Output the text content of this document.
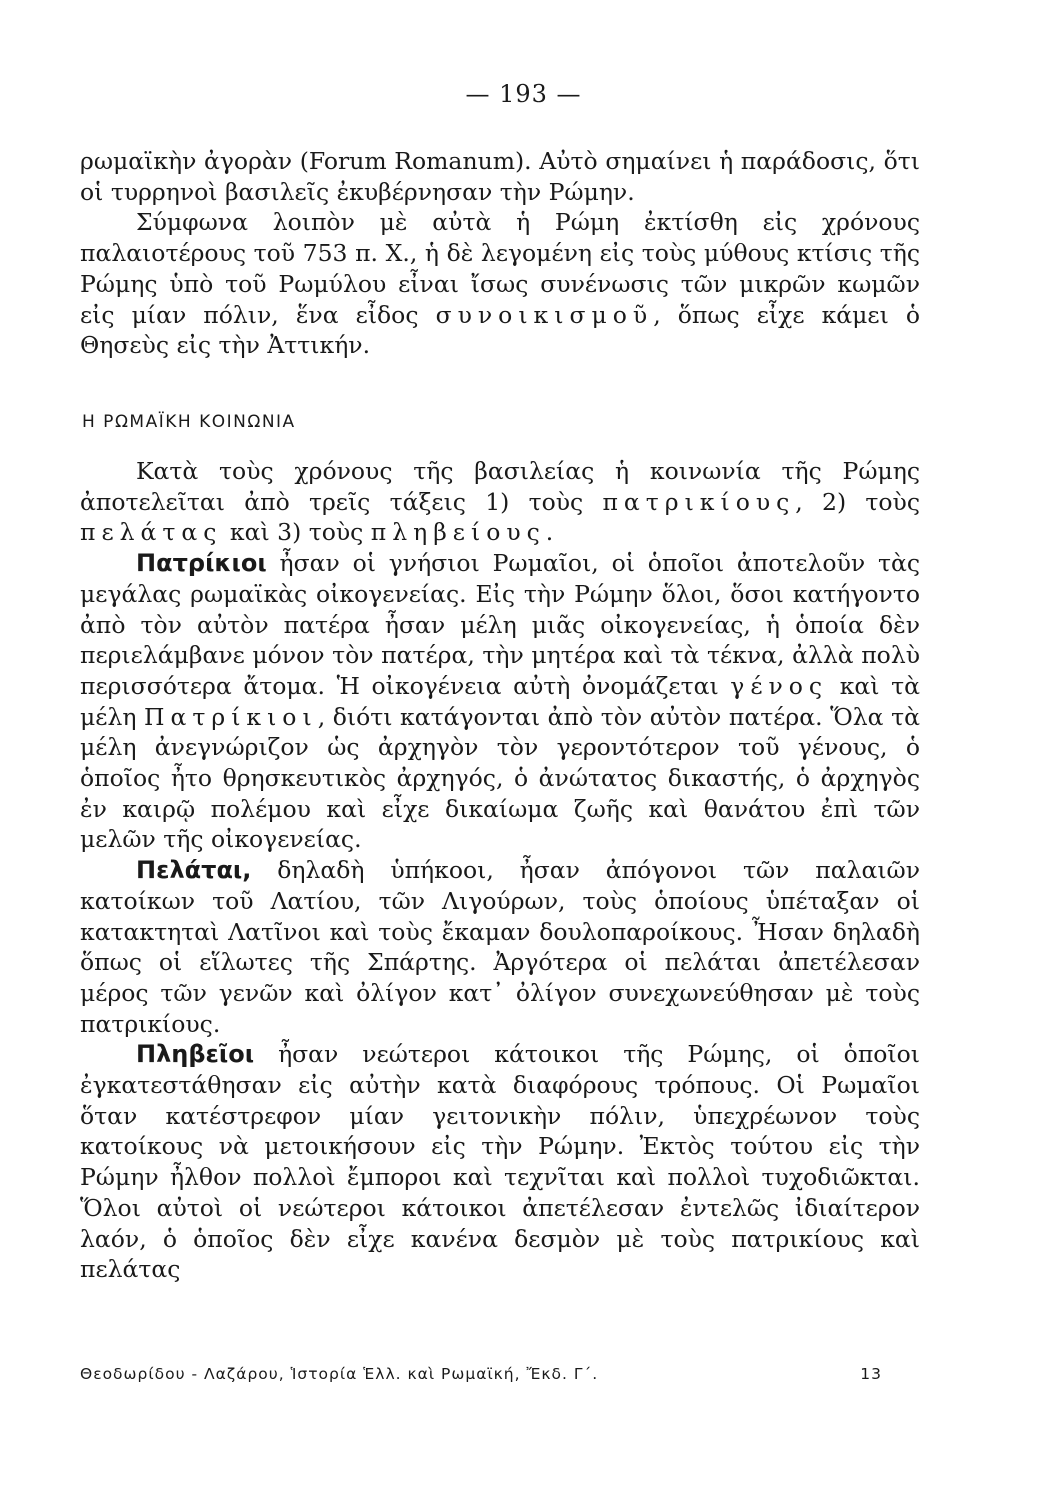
— 193 —

ρωμαϊκὴν ἀγορὰν (Forum Romanum). Αὐτὸ σημαίνει ἡ παράδοσις, ὅτι οἱ τυρρηνοὶ βασιλεῖς ἐκυβέρνησαν τὴν Ρώμην.

Σύμφωνα λοιπὸν μὲ αὐτὰ ἡ Ρώμη ἐκτίσθη εἰς χρόνους παλαιοτέρους τοῦ 753 π. Χ., ἡ δὲ λεγομένη εἰς τοὺς μύθους κτίσις τῆς Ρώμης ὑπὸ τοῦ Ρωμύλου εἶναι ἴσως συνένωσις τῶν μικρῶν κωμῶν εἰς μίαν πόλιν, ἕνα εἶδος συνοικισμοῦ, ὅπως εἶχε κάμει ὁ Θησεὺς εἰς τὴν Ἀττικήν.

Η ΡΩΜΑΪΚΗ ΚΟΙΝΩΝΙΑ

Κατὰ τοὺς χρόνους τῆς βασιλείας ἡ κοινωνία τῆς Ρώμης ἀποτελεῖται ἀπὸ τρεῖς τάξεις 1) τοὺς πατρικίους, 2) τοὺς πελάτας καὶ 3) τοὺς πληβείους.

Πατρίκιοι ἦσαν οἱ γνήσιοι Ρωμαῖοι, οἱ ὁποῖοι ἀποτελοῦν τὰς μεγάλας ρωμαϊκὰς οἰκογενείας. Εἰς τὴν Ρώμην ὅλοι, ὅσοι κατήγοντο ἀπὸ τὸν αὐτὸν πατέρα ἦσαν μέλη μιᾶς οἰκογενείας, ἡ ὁποία δὲν περιελάμβανε μόνον τὸν πατέρα, τὴν μητέρα καὶ τὰ τέκνα, ἀλλὰ πολὺ περισσότερα ἄτομα. Ἡ οἰκογένεια αὐτὴ ὀνομάζεται γένος καὶ τὰ μέλη Πατρίκιοι, διότι κατάγονται ἀπὸ τὸν αὐτὸν πατέρα. Ὅλα τὰ μέλη ἀνεγνώριζον ὡς ἀρχηγὸν τὸν γεροντότερον τοῦ γένους, ὁ ὁποῖος ἦτο θρησκευτικὸς ἀρχηγός, ὁ ἀνώτατος δικαστής, ὁ ἀρχηγὸς ἐν καιρῷ πολέμου καὶ εἶχε δικαίωμα ζωῆς καὶ θανάτου ἐπὶ τῶν μελῶν τῆς οἰκογενείας.

Πελάται, δηλαδὴ ὑπήκοοι, ἦσαν ἀπόγονοι τῶν παλαιῶν κατοίκων τοῦ Λατίου, τῶν Λιγούρων, τοὺς ὁποίους ὑπέταξαν οἱ κατακτηταὶ Λατῖνοι καὶ τοὺς ἔκαμαν δουλοπαροίκους. Ἦσαν δηλαδὴ ὅπως οἱ εἵλωτες τῆς Σπάρτης. Ἀργότερα οἱ πελάται ἀπετέλεσαν μέρος τῶν γενῶν καὶ ὀλίγον κατ᾿ ὀλίγον συνεχωνεύθησαν μὲ τοὺς πατρικίους.

Πληβεῖοι ἦσαν νεώτεροι κάτοικοι τῆς Ρώμης, οἱ ὁποῖοι ἐγκατεστάθησαν εἰς αὐτὴν κατὰ διαφόρους τρόπους. Οἱ Ρωμαῖοι ὅταν κατέστρεφον μίαν γειτονικὴν πόλιν, ὑπεχρέωνον τοὺς κατοίκους νὰ μετοικήσουν εἰς τὴν Ρώμην. Ἐκτὸς τούτου εἰς τὴν Ρώμην ἦλθον πολλοὶ ἔμποροι καὶ τεχνῖται καὶ πολλοὶ τυχοδιῶκται. Ὅλοι αὐτοὶ οἱ νεώτεροι κάτοικοι ἀπετέλεσαν ἐντελῶς ἰδιαίτερον λαόν, ὁ ὁποῖος δὲν εἶχε κανένα δεσμὸν μὲ τοὺς πατρικίους καὶ πελάτας

Θεοδωρίδου - Λαζάρου, Ἱστορία Ἑλλ. καὶ Ρωμαϊκή, Ἔκδ. Γ΄.	13
